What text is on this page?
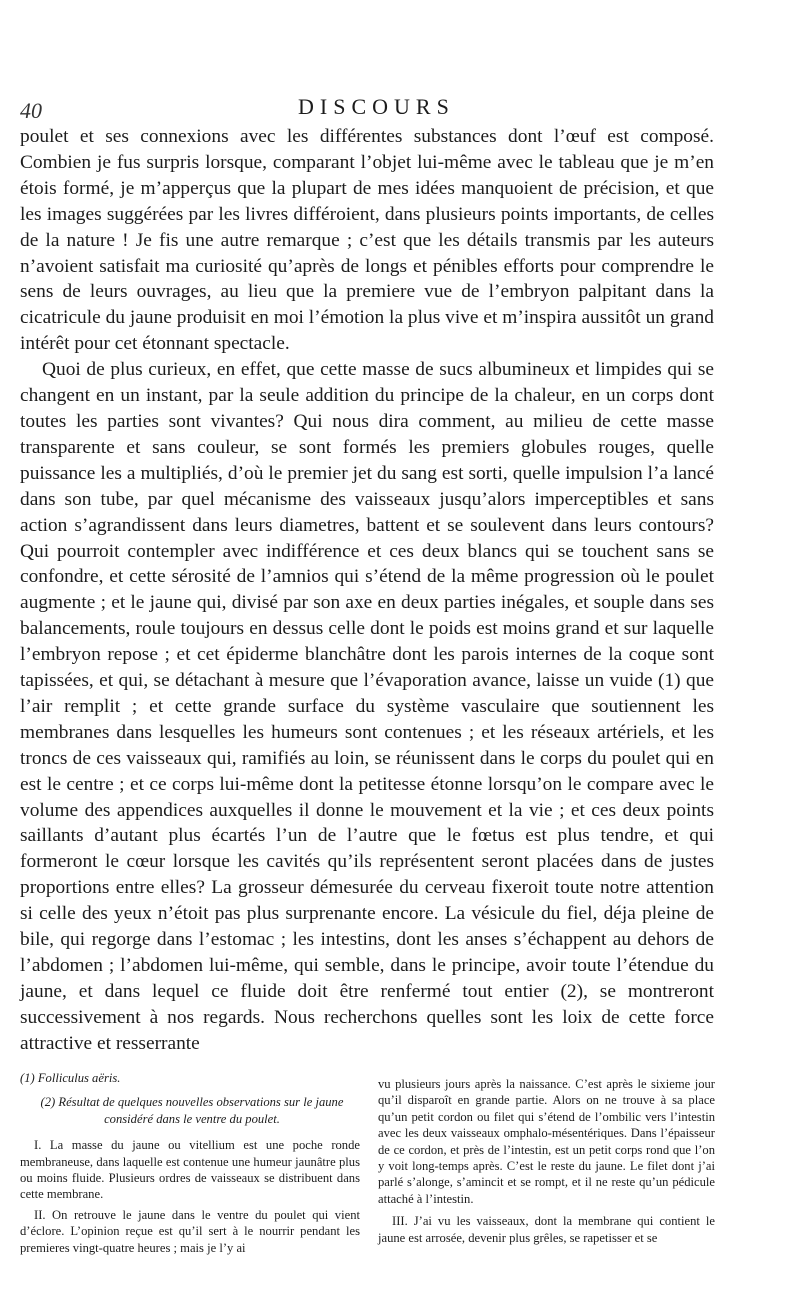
40	DISCOURS

poulet et ses connexions avec les différentes substances dont l’œuf est composé. Combien je fus surpris lorsque, comparant l’objet lui-même avec le tableau que je m’en étois formé, je m’apperçus que la plupart de mes idées manquoient de précision, et que les images suggérées par les livres différoient, dans plusieurs points importants, de celles de la nature ! Je fis une autre remarque ; c’est que les détails transmis par les auteurs n’avoient satisfait ma curiosité qu’après de longs et pénibles efforts pour comprendre le sens de leurs ouvrages, au lieu que la premiere vue de l’embryon palpitant dans la cicatricule du jaune produisit en moi l’émotion la plus vive et m’inspira aussitôt un grand intérêt pour cet étonnant spectacle.

Quoi de plus curieux, en effet, que cette masse de sucs albumineux et limpides qui se changent en un instant, par la seule addition du principe de la chaleur, en un corps dont toutes les parties sont vivantes? Qui nous dira comment, au milieu de cette masse transparente et sans couleur, se sont formés les premiers globules rouges, quelle puissance les a multipliés, d’où le premier jet du sang est sorti, quelle impulsion l’a lancé dans son tube, par quel mécanisme des vaisseaux jusqu’alors imperceptibles et sans action s’agrandissent dans leurs diametres, battent et se soulevent dans leurs contours? Qui pourroit contempler avec indifférence et ces deux blancs qui se touchent sans se confondre, et cette sérosité de l’amnios qui s’étend de la même progression où le poulet augmente ; et le jaune qui, divisé par son axe en deux parties inégales, et souple dans ses balancements, roule toujours en dessus celle dont le poids est moins grand et sur laquelle l’embryon repose ; et cet épiderme blanchâtre dont les parois internes de la coque sont tapissées, et qui, se détachant à mesure que l’évaporation avance, laisse un vuide (1) que l’air remplit ; et cette grande surface du système vasculaire que soutiennent les membranes dans lesquelles les humeurs sont contenues ; et les réseaux artériels, et les troncs de ces vaisseaux qui, ramifiés au loin, se réunissent dans le corps du poulet qui en est le centre ; et ce corps lui-même dont la petitesse étonne lorsqu’on le compare avec le volume des appendices auxquelles il donne le mouvement et la vie ; et ces deux points saillants d’autant plus écartés l’un de l’autre que le fœtus est plus tendre, et qui formeront le cœur lorsque les cavités qu’ils représentent seront placées dans de justes proportions entre elles? La grosseur démesurée du cerveau fixeroit toute notre attention si celle des yeux n’étoit pas plus surprenante encore. La vésicule du fiel, déja pleine de bile, qui regorge dans l’estomac ; les intestins, dont les anses s’échappent au dehors de l’abdomen ; l’abdomen lui-même, qui semble, dans le principe, avoir toute l’étendue du jaune, et dans lequel ce fluide doit être renfermé tout entier (2), se montreront successivement à nos regards. Nous recherchons quelles sont les loix de cette force attractive et resserrante

(1) Folliculus aëris.

(2) Résultat de quelques nouvelles observations sur le jaune considéré dans le ventre du poulet.

I. La masse du jaune ou vitellium est une poche ronde membraneuse, dans laquelle est contenue une humeur jaunâtre plus ou moins fluide. Plusieurs ordres de vaisseaux se distribuent dans cette membrane.

II. On retrouve le jaune dans le ventre du poulet qui vient d’éclore. L’opinion reçue est qu’il sert à le nourrir pendant les premieres vingt-quatre heures ; mais je l’y ai

vu plusieurs jours après la naissance. C’est après le sixieme jour qu’il disparoît en grande partie. Alors on ne trouve à sa place qu’un petit cordon ou filet qui s’étend de l’ombilic vers l’intestin avec les deux vaisseaux omphalo-mésentériques. Dans l’épaisseur de ce cordon, et près de l’intestin, est un petit corps rond que l’on y voit long-temps après. C’est le reste du jaune. Le filet dont j’ai parlé s’alonge, s’amincit et se rompt, et il ne reste qu’un pédicule attaché à l’intestin.

III. J’ai vu les vaisseaux, dont la membrane qui contient le jaune est arrosée, devenir plus grêles, se rapetisser et se
